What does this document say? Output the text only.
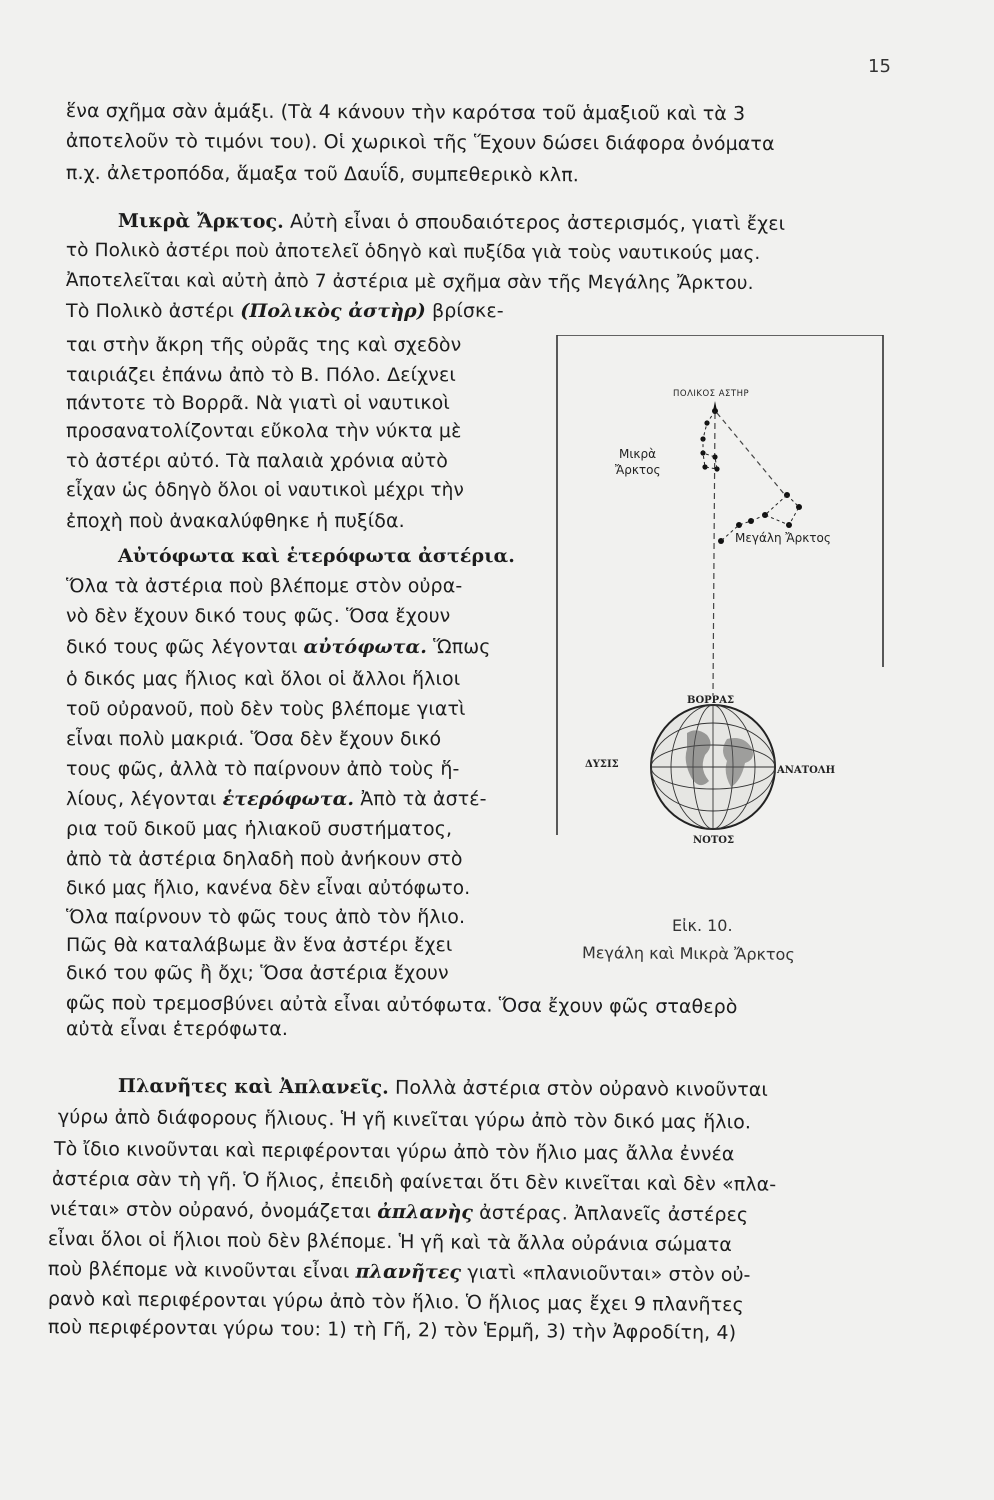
15
ἕνα σχῆμα σὰν ἁμάξι. (Τὰ 4 κάνουν τὴν καρότσα τοῦ ἁμαξιοῦ καὶ τὰ 3
ἀποτελοῦν τὸ τιμόνι του). Οἱ χωρικοὶ τῆς Ἕχουν δώσει διάφορα ὀνόματα
π.χ. ἀλετροπόδα, ἅμαξα τοῦ Δαυΐδ, συμπεθερικὸ κλπ.
Μικρὰ Ἄρκτος. Αὐτὴ εἶναι ὁ σπουδαιότερος ἀστερισμός, γιατὶ ἔχει
τὸ Πολικὸ ἀστέρι ποὺ ἀποτελεῖ ὁδηγὸ καὶ πυξίδα γιὰ τοὺς ναυτικούς μας.
Ἀποτελεῖται καὶ αὐτὴ ἀπὸ 7 ἀστέρια μὲ σχῆμα σὰν τῆς Μεγάλης Ἄρκτου.
Τὸ Πολικὸ ἀστέρι (Πολικὸς ἀστὴρ) βρίσκε-
ται στὴν ἄκρη τῆς οὐρᾶς της καὶ σχεδὸν
ταιριάζει ἐπάνω ἀπὸ τὸ Β. Πόλο. Δείχνει
πάντοτε τὸ Βορρᾶ. Νὰ γιατὶ οἱ ναυτικοὶ
προσανατολίζονται εὔκολα τὴν νύκτα μὲ
τὸ ἀστέρι αὐτό. Τὰ παλαιὰ χρόνια αὐτὸ
εἶχαν ὡς ὁδηγὸ ὅλοι οἱ ναυτικοὶ μέχρι τὴν
ἐποχὴ ποὺ ἀνακαλύφθηκε ἡ πυξίδα.
Αὐτόφωτα καὶ ἑτερόφωτα ἀστέρια.
Ὅλα τὰ ἀστέρια ποὺ βλέπομε στὸν οὐρα-
νὸ δὲν ἔχουν δικό τους φῶς. Ὅσα ἔχουν
δικό τους φῶς λέγονται αὐτόφωτα. Ὥπως
ὁ δικός μας ἥλιος καὶ ὅλοι οἱ ἄλλοι ἥλιοι
τοῦ οὐρανοῦ, ποὺ δὲν τοὺς βλέπομε γιατὶ
εἶναι πολὺ μακριά. Ὅσα δὲν ἔχουν δικό
τους φῶς, ἀλλὰ τὸ παίρνουν ἀπὸ τοὺς ἥ-
λίους, λέγονται ἑτερόφωτα. Ἀπὸ τὰ ἀστέ-
ρια τοῦ δικοῦ μας ἡλιακοῦ συστήματος,
ἀπὸ τὰ ἀστέρια δηλαδὴ ποὺ ἀνήκουν στὸ
δικό μας ἥλιο, κανένα δὲν εἶναι αὐτόφωτο.
Ὅλα παίρνουν τὸ φῶς τους ἀπὸ τὸν ἥλιο.
Πῶς θὰ καταλάβωμε ἂν ἕνα ἀστέρι ἔχει
δικό του φῶς ἢ ὄχι; Ὅσα ἀστέρια ἔχουν
φῶς ποὺ τρεμοσβύνει αὐτὰ εἶναι αὐτόφωτα. Ὅσα ἔχουν φῶς σταθερὸ
αὐτὰ εἶναι ἑτερόφωτα.
Πλανῆτες καὶ Ἀπλανεῖς. Πολλὰ ἀστέρια στὸν οὐρανὸ κινοῦνται
γύρω ἀπὸ διάφορους ἥλιους. Ἡ γῆ κινεῖται γύρω ἀπὸ τὸν δικό μας ἥλιο.
Τὸ ἴδιο κινοῦνται καὶ περιφέρονται γύρω ἀπὸ τὸν ἥλιο μας ἄλλα ἐννέα
ἀστέρια σὰν τὴ γῆ. Ὁ ἥλιος, ἐπειδὴ φαίνεται ὅτι δὲν κινεῖται καὶ δὲν «πλα-
νιέται» στὸν οὐρανό, ὀνομάζεται ἀπλανὴς ἀστέρας. Ἀπλανεῖς ἀστέρες
εἶναι ὅλοι οἱ ἥλιοι ποὺ δὲν βλέπομε. Ἡ γῆ καὶ τὰ ἄλλα οὐράνια σώματα
ποὺ βλέπομε νὰ κινοῦνται εἶναι πλανῆτες γιατὶ «πλανιοῦνται» στὸν οὐ-
ρανὸ καὶ περιφέρονται γύρω ἀπὸ τὸν ἥλιο. Ὁ ἥλιος μας ἔχει 9 πλανῆτες
ποὺ περιφέρονται γύρω του: 1) τὴ Γῆ, 2) τὸν Ἑρμῆ, 3) τὴν Ἀφροδίτη, 4)
ΠΟΛΙΚΟΣ ΑΣΤΗΡ
Μικρὰ
Ἄρκτος
Μεγάλη Ἄρκτος
ΒΟΡΡΑΣ
ΔΥΣΙΣ
ΑΝΑΤΟΛΗ
ΝΟΤΟΣ
Εἰκ. 10.
Μεγάλη καὶ Μικρὰ Ἄρκτος
